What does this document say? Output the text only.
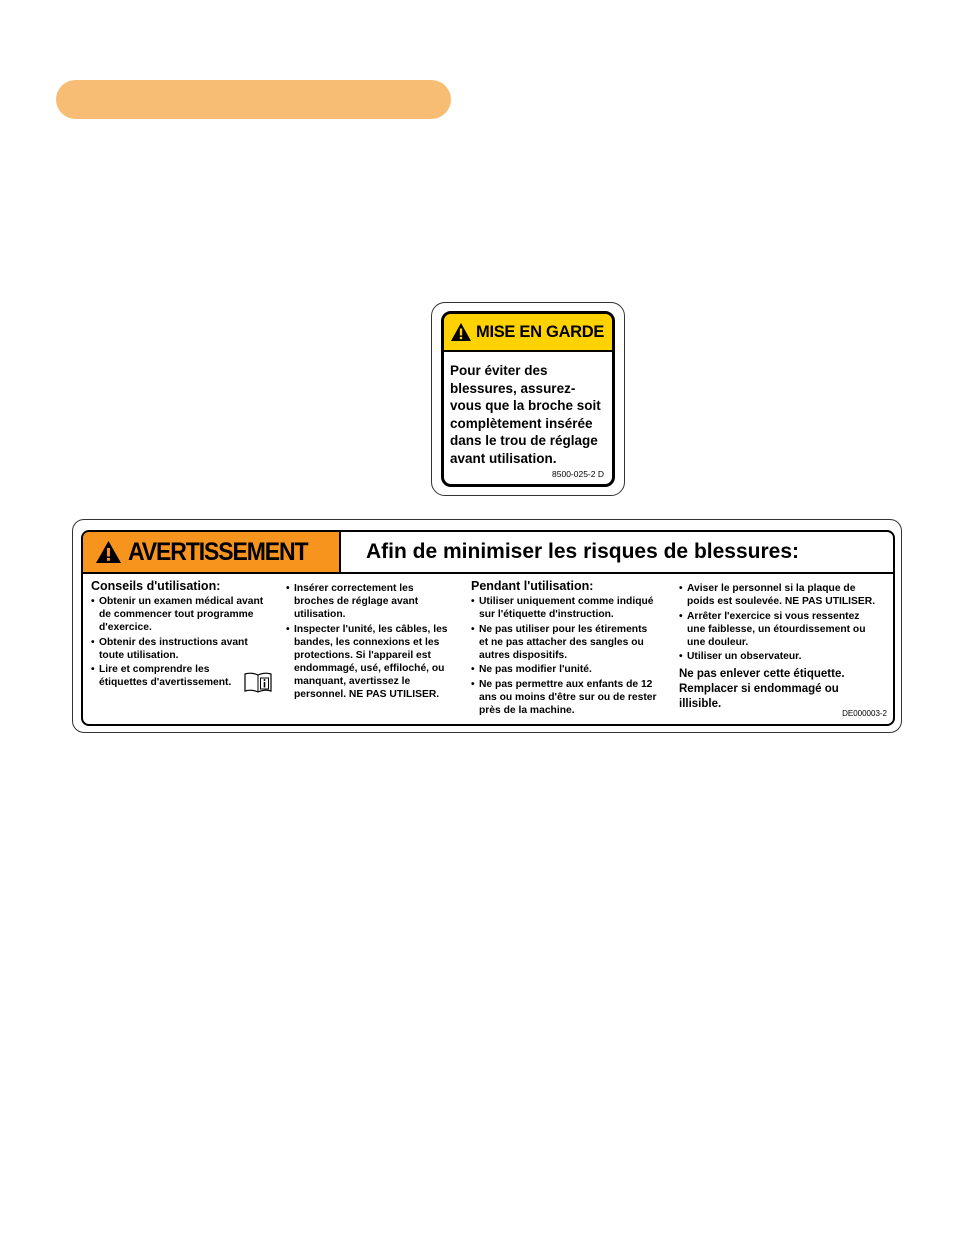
MISE EN GARDE
Pour éviter des
blessures, assurez-
vous que la broche soit
complètement insérée
dans le trou de réglage
avant utilisation.
8500-025-2 D
AVERTISSEMENT	Afin de minimiser les risques de blessures:
Conseils d'utilisation:
• Obtenir un examen médical avant
de commencer tout programme
d'exercice.
• Obtenir des instructions avant
toute utilisation.
• Lire et comprendre les
étiquettes d'avertissement.
• Insérer correctement les
broches de réglage avant
utilisation.
• Inspecter l'unité, les câbles, les
bandes, les connexions et les
protections. Si l'appareil est
endommagé, usé, effiloché, ou
manquant, avertissez le
personnel. NE PAS UTILISER.
Pendant l'utilisation:
• Utiliser uniquement comme indiqué
sur l'étiquette d'instruction.
• Ne pas utiliser pour les étirements
et ne pas attacher des sangles ou
autres dispositifs.
• Ne pas modifier l'unité.
• Ne pas permettre aux enfants de 12
ans ou moins d'être sur ou de rester
près de la machine.
• Aviser le personnel si la plaque de
poids est soulevée. NE PAS UTILISER.
• Arrêter l'exercice si vous ressentez
une faiblesse, un étourdissement ou
une douleur.
• Utiliser un observateur.
Ne pas enlever cette étiquette.
Remplacer si endommagé ou
illisible.
DE000003-2
